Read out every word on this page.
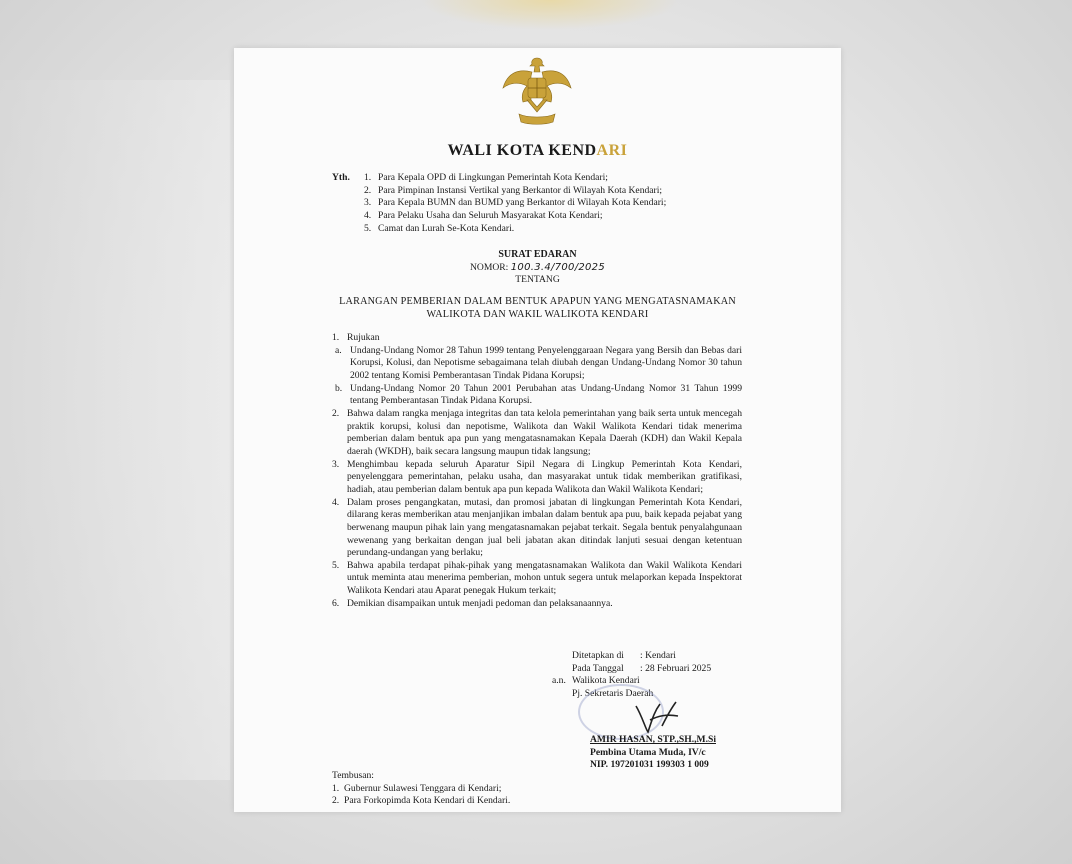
WALI KOTA KENDARI
Yth. 1. Para Kepala OPD di Lingkungan Pemerintah Kota Kendari;
2. Para Pimpinan Instansi Vertikal yang Berkantor di Wilayah Kota Kendari;
3. Para Kepala BUMN dan BUMD yang Berkantor di Wilayah Kota Kendari;
4. Para Pelaku Usaha dan Seluruh Masyarakat Kota Kendari;
5. Camat dan Lurah Se-Kota Kendari.
SURAT EDARAN
NOMOR: 100.3.4/700/2025
TENTANG
LARANGAN PEMBERIAN DALAM BENTUK APAPUN YANG MENGATASNAMAKAN
WALIKOTA DAN WAKIL WALIKOTA KENDARI
1. Rujukan
a. Undang-Undang Nomor 28 Tahun 1999 tentang Penyelenggaraan Negara yang Bersih dan Bebas dari Korupsi, Kolusi, dan Nepotisme sebagaimana telah diubah dengan Undang-Undang Nomor 30 tahun 2002 tentang Komisi Pemberantasan Tindak Pidana Korupsi;
b. Undang-Undang Nomor 20 Tahun 2001 Perubahan atas Undang-Undang Nomor 31 Tahun 1999 tentang Pemberantasan Tindak Pidana Korupsi.
2. Bahwa dalam rangka menjaga integritas dan tata kelola pemerintahan yang baik serta untuk mencegah praktik korupsi, kolusi dan nepotisme, Walikota dan Wakil Walikota Kendari tidak menerima pemberian dalam bentuk apa pun yang mengatasnamakan Kepala Daerah (KDH) dan Wakil Kepala daerah (WKDH), baik secara langsung maupun tidak langsung;
3. Menghimbau kepada seluruh Aparatur Sipil Negara di Lingkup Pemerintah Kota Kendari, penyelenggara pemerintahan, pelaku usaha, dan masyarakat untuk tidak memberikan gratifikasi, hadiah, atau pemberian dalam bentuk apa pun kepada Walikota dan Wakil Walikota Kendari;
4. Dalam proses pengangkatan, mutasi, dan promosi jabatan di lingkungan Pemerintah Kota Kendari, dilarang keras memberikan atau menjanjikan imbalan dalam bentuk apa puu, baik kepada pejabat yang berwenang maupun pihak lain yang mengatasnamakan pejabat terkait. Segala bentuk penyalahgunaan wewenang yang berkaitan dengan jual beli jabatan akan ditindak lanjuti sesuai dengan ketentuan perundang-undangan yang berlaku;
5. Bahwa apabila terdapat pihak-pihak yang mengatasnamakan Walikota dan Wakil Walikota Kendari untuk meminta atau menerima pemberian, mohon untuk segera untuk melaporkan kepada Inspektorat Walikota Kendari atau Aparat penegak Hukum terkait;
6. Demikian disampaikan untuk menjadi pedoman dan pelaksanaannya.
Ditetapkan di : Kendari
Pada Tanggal : 28 Februari 2025
a.n. Walikota Kendari
Pj. Sekretaris Daerah
AMIR HASAN, STP.,SH.,M.Si
Pembina Utama Muda, IV/c
NIP. 197201031 199303 1 009
Tembusan:
1. Gubernur Sulawesi Tenggara di Kendari;
2. Para Forkopimda Kota Kendari di Kendari.
